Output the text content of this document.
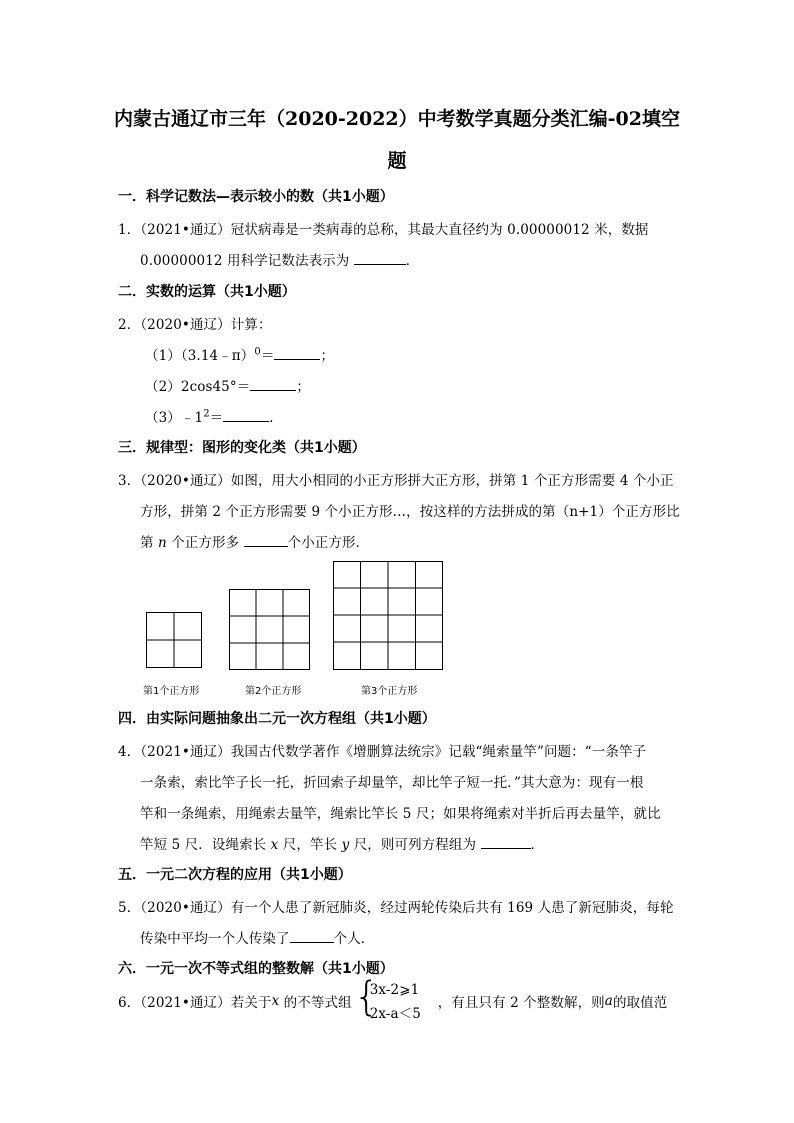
内蒙古通辽市三年（2020-2022）中考数学真题分类汇编-02填空
题
一．科学记数法—表示较小的数（共1小题）
1．（2021•通辽）冠状病毒是一类病毒的总称，其最大直径约为 0.00000012 米，数据
0.00000012 用科学记数法表示为	．
二．实数的运算（共1小题）
2．（2020•通辽）计算：
（1）（3.14﹣π）$^0$＝	；
（2）2cos45°＝	；
$(3)﹣1^2=$	．
三．规律型：图形的变化类（共1小题）
3．（2020•通辽）如图，用大小相同的小正方形拼大正方形，拼第 1 个正方形需要 4 个小正
方形，拼第 2 个正方形需要 9 个小正方形…，按这样的方法拼成的第（n+1）个正方形比
第 n 个正方形多	个小正方形．
第1个正方形	第2个正方形	第3个正方形
四．由实际问题抽象出二元一次方程组（共1小题）
4．（2021•通辽）我国古代数学著作《增删算法统宗》记载“绳索量竿”问题：“一条竿子
一条索，索比竿子长一托，折回索子却量竿，却比竿子短一托．”其大意为：现有一根
竿和一条绳索，用绳索去量竿，绳索比竿长 5 尺；如果将绳索对半折后再去量竿，就比
竿短 5 尺．设绳索长 x 尺，竿长 y 尺，则可列方程组为	．
五．一元二次方程的应用（共1小题）
5．（2020•通辽）有一个人患了新冠肺炎，经过两轮传染后共有 169 人患了新冠肺炎，每轮
传染中平均一个人传染了	个人．
六．一元一次不等式组的整数解（共1小题）
6．（2021•通辽）若关于x 的不等式组 {
3x-2⩾1
2x-a＜5
，有且只有 2 个整数解，则a的取值范
